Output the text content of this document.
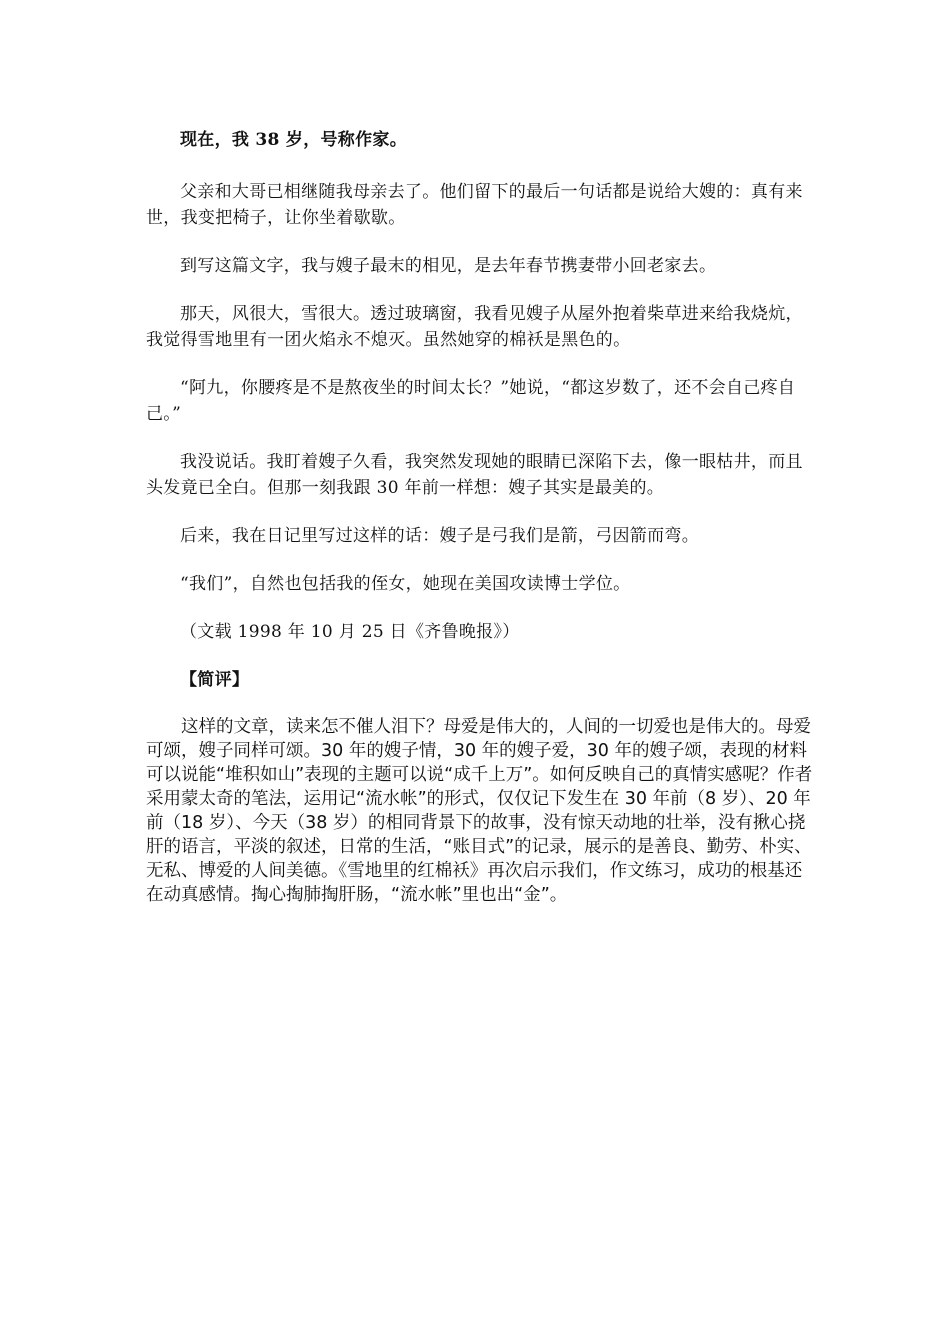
现在，我 38 岁，号称作家。

父亲和大哥已相继随我母亲去了。他们留下的最后一句话都是说给大嫂的：真有来世，我变把椅子，让你坐着歇歇。

到写这篇文字，我与嫂子最末的相见，是去年春节携妻带小回老家去。

那天，风很大，雪很大。透过玻璃窗，我看见嫂子从屋外抱着柴草进来给我烧炕，我觉得雪地里有一团火焰永不熄灭。虽然她穿的棉袄是黑色的。

“阿九，你腰疼是不是熬夜坐的时间太长？”她说，“都这岁数了，还不会自己疼自己。”

我没说话。我盯着嫂子久看，我突然发现她的眼睛已深陷下去，像一眼枯井，而且头发竟已全白。但那一刻我跟 30 年前一样想：嫂子其实是最美的。

后来，我在日记里写过这样的话：嫂子是弓我们是箭，弓因箭而弯。

“我们”，自然也包括我的侄女，她现在美国攻读博士学位。

（文载 1998 年 10 月 25 日《齐鲁晚报》）

【简评】

这样的文章，读来怎不催人泪下？母爱是伟大的，人间的一切爱也是伟大的。母爱可颂，嫂子同样可颂。30 年的嫂子情，30 年的嫂子爱，30 年的嫂子颂，表现的材料可以说能“堆积如山”表现的主题可以说“成千上万”。如何反映自己的真情实感呢？作者采用蒙太奇的笔法，运用记“流水帐”的形式，仅仅记下发生在 30 年前（8 岁）、20 年前（18 岁）、今天（38 岁）的相同背景下的故事，没有惊天动地的壮举，没有揪心挠肝的语言，平淡的叙述，日常的生活，“账目式”的记录，展示的是善良、勤劳、朴实、无私、博爱的人间美德。《雪地里的红棉袄》再次启示我们，作文练习，成功的根基还在动真感情。掏心掏肺掏肝肠，“流水帐”里也出“金”。
